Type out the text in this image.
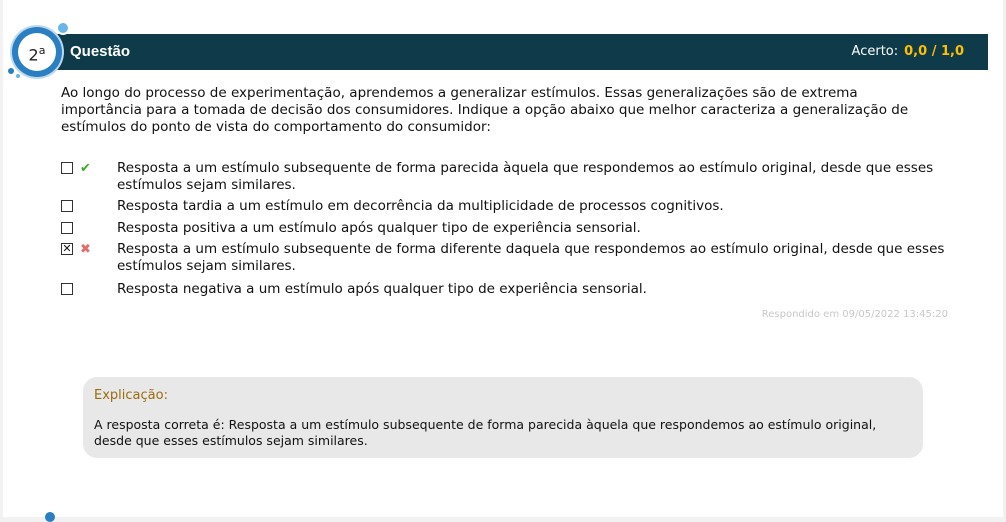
2$^a$	Questão	Acerto: 0,0 / 1,0
Ao longo do processo de experimentação, aprendemos a generalizar estímulos. Essas generalizações são de extrema importância para a tomada de decisão dos consumidores. Indique a opção abaixo que melhor caracteriza a generalização de estímulos do ponto de vista do comportamento do consumidor:
✔ Resposta a um estímulo subsequente de forma parecida àquela que respondemos ao estímulo original, desde que esses estímulos sejam similares.
Resposta tardia a um estímulo em decorrência da multiplicidade de processos cognitivos.
Resposta positiva a um estímulo após qualquer tipo de experiência sensorial.
✕ ✖ Resposta a um estímulo subsequente de forma diferente daquela que respondemos ao estímulo original, desde que esses estímulos sejam similares.
Resposta negativa a um estímulo após qualquer tipo de experiência sensorial.
Respondido em 09/05/2022 13:45:20
Explicação:
A resposta correta é: Resposta a um estímulo subsequente de forma parecida àquela que respondemos ao estímulo original, desde que esses estímulos sejam similares.
